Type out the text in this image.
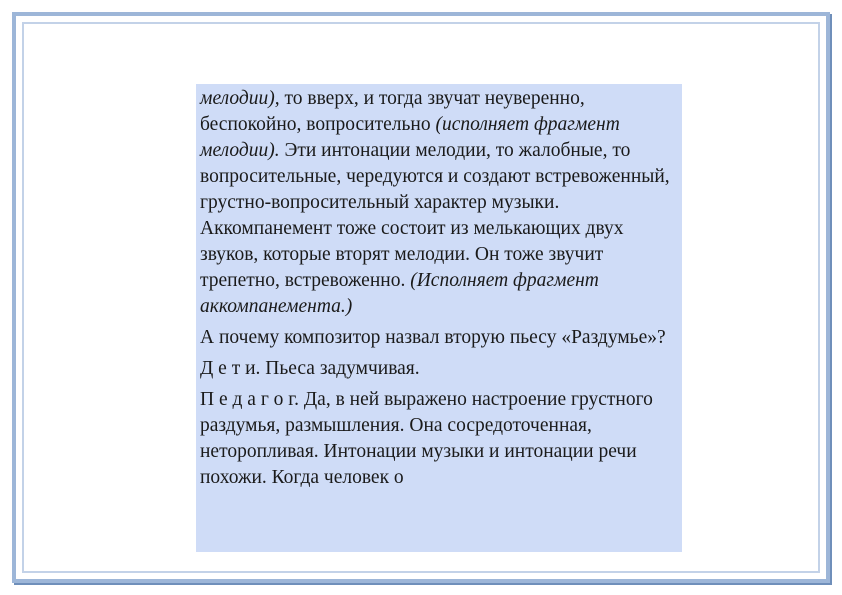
мелодии), то вверх, и тогда звучат неуверенно, беспокойно, вопросительно (исполняет фрагмент мелодии). Эти интонации мелодии, то жалобные, то вопросительные, чередуются и создают встревоженный, грустно-вопросительный характер музыки. Аккомпанемент тоже состоит из мелькающих двух звуков, которые вторят мелодии. Он тоже звучит трепетно, встревоженно. (Исполняет фрагмент аккомпанемента.)

А почему композитор назвал вторую пьесу «Раздумье»?

Д е т и. Пьеса задумчивая.

П е д а г о г. Да, в ней выражено настроение грустного раздумья, размышления. Она сосредоточенная, неторопливая. Интонации музыки и интонации речи похожи. Когда человек о
